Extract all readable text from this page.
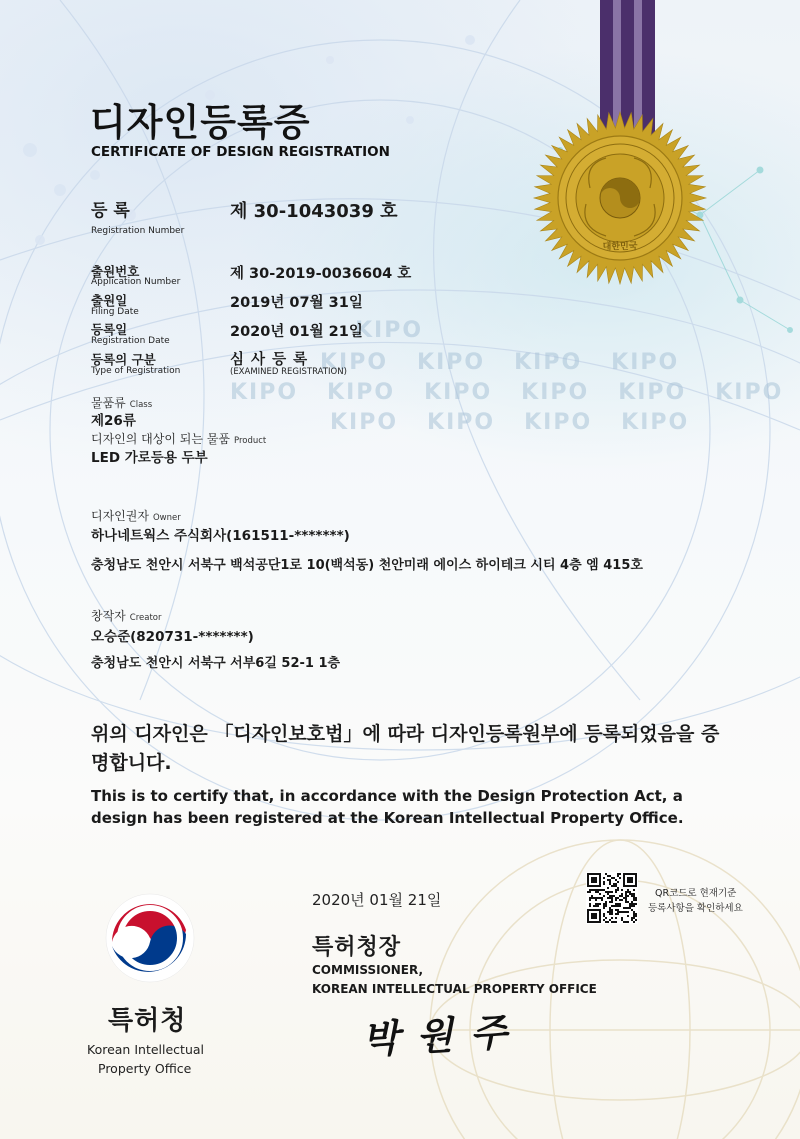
KIPO
KIPO KIPO KIPO KIPO
KIPO KIPO KIPO KIPO KIPO KIPO
KIPO KIPO KIPO KIPO
대한민국
디자인등록증
CERTIFICATE OF DESIGN REGISTRATION
등 록
Registration Number
제 30-1043039 호
출원번호
Application Number	제 30-2019-0036604 호
출원일
Filing Date
2019년 07월 31일
등록일
Registration Date
2020년 01월 21일
등록의 구분
Type of Registration
심 사 등 록
(EXAMINED REGISTRATION)
물품류 Class
제26류
디자인의 대상이 되는 물품 Product
LED 가로등용 두부
디자인권자 Owner
하나네트웍스 주식회사(161511-*******)
충청남도 천안시 서북구 백석공단1로 10(백석동) 천안미래 에이스 하이테크 시티 4층 엠 415호
창작자 Creator
오승준(820731-*******)
충청남도 천안시 서북구 서부6길 52-1 1층
위의 디자인은 「디자인보호법」에 따라 디자인등록원부에 등록되었음을 증명합니다.
This is to certify that, in accordance with the Design Protection Act, a design has been registered at the Korean Intellectual Property Office.
2020년 01월 21일	QR코드로 현재기준
등록사항을 확인하세요
특허청장
COMMISSIONER,
KOREAN INTELLECTUAL PROPERTY OFFICE
박 원 주
특허청
Korean Intellectual
Property Office
